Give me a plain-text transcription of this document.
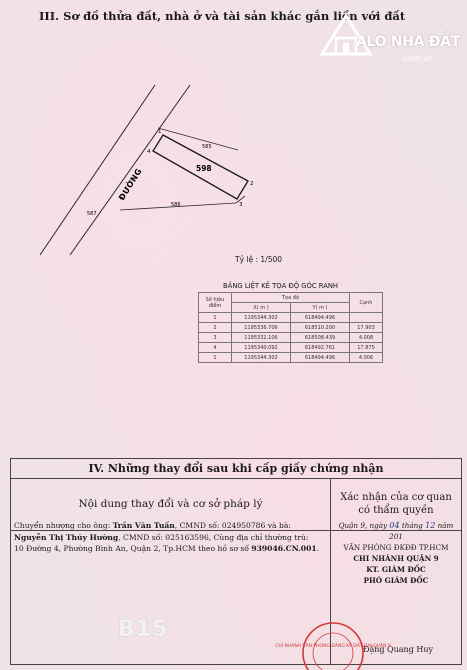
III. Sơ đồ thửa đất, nhà ở và tài sản khác gắn liền với đất
ALO NHÀ ĐẤT
.com.vn
598
ĐƯỜNG
585
586
587
1
2
3
4
Tỷ lệ : 1/500
BẢNG LIỆT KÊ TỌA ĐỘ GÓC RANH
Số hiệu điểm	Tọa độ		Cạnh
	X( m )	Y( m )	
1	1195344.302	618494.496	
2	1195336.706	618510.200	17.903
3	1195332.106	618508.439	4.008
4	1195340.092	618492.761	17.875
1	1195344.302	618494.496	4.006
IV. Những thay đổi sau khi cấp giấy chứng nhận
Nội dung thay đổi và cơ sở pháp lý
Xác nhận của cơ quan
có thẩm quyền
Chuyển nhượng cho ông: Trần Văn Tuấn, CMND số: 024950786 và bà:
Nguyễn Thị Thúy Hường, CMND số: 025163596, Cùng địa chỉ thường trú:
10 Đường 4, Phường Bình An, Quận 2, Tp.HCM theo hồ sơ số 939046.CN.001.
Quận 9, ngày 04 tháng 12 năm 201
VĂN PHÒNG ĐKĐĐ TP.HCM
CHI NHÁNH QUẬN 9
KT. GIÁM ĐỐC
PHÓ GIÁM ĐỐC
Đặng Quang Huy
CHI NHÁNH VĂN PHÒNG ĐĂNG KÝ ĐẤT ĐAI QUẬN 9
B15
